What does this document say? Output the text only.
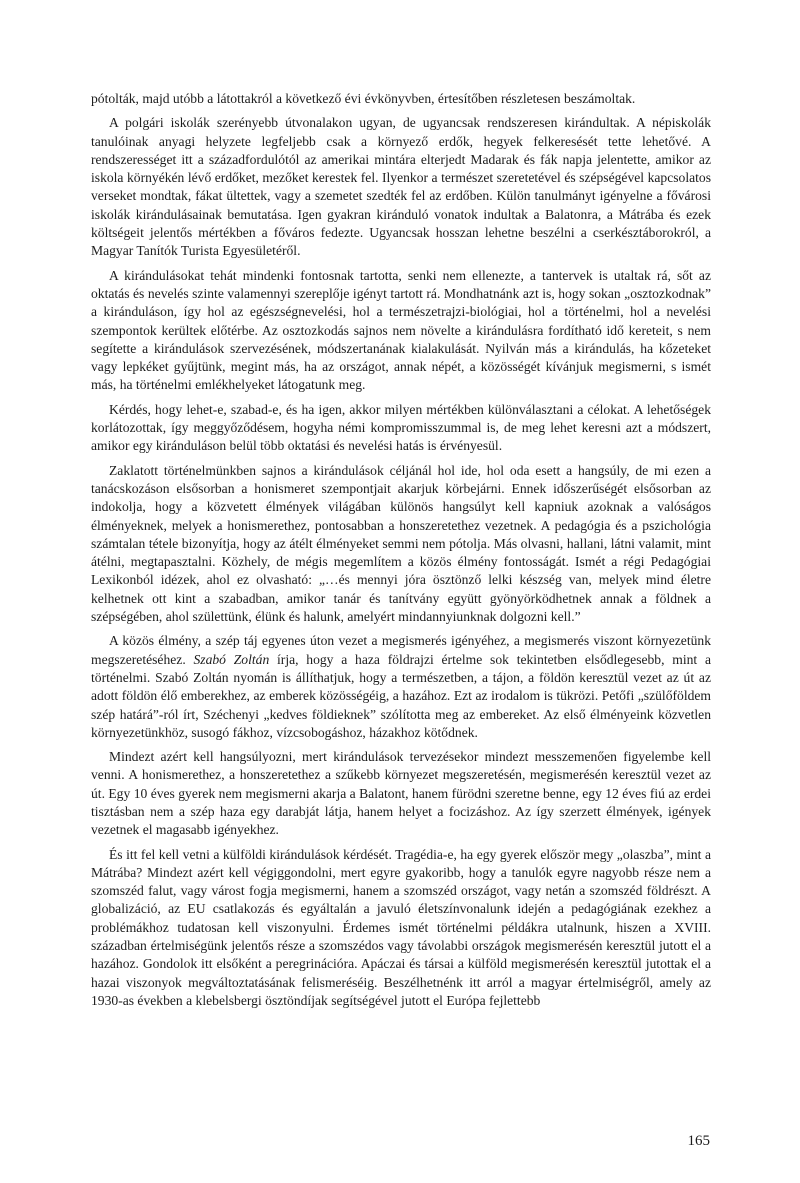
pótolták, majd utóbb a látottakról a következő évi évkönyvben, értesítőben részletesen beszámoltak.

A polgári iskolák szerényebb útvonalakon ugyan, de ugyancsak rendszeresen kirándultak. A népiskolák tanulóinak anyagi helyzete legfeljebb csak a környező erdők, hegyek felkeresését tette lehetővé. A rendszerességet itt a századfordulótól az amerikai mintára elterjedt Madarak és fák napja jelentette, amikor az iskola környékén lévő erdőket, mezőket kerestek fel. Ilyenkor a természet szeretetével és szépségével kapcsolatos verseket mondtak, fákat ültettek, vagy a szemetet szedték fel az erdőben. Külön tanulmányt igényelne a fővárosi iskolák kirándulásainak bemutatása. Igen gyakran kiránduló vonatok indultak a Balatonra, a Mátrába és ezek költségeit jelentős mértékben a főváros fedezte. Ugyancsak hosszan lehetne beszélni a cserkésztáborokról, a Magyar Tanítók Turista Egyesületéről.

A kirándulásokat tehát mindenki fontosnak tartotta, senki nem ellenezte, a tantervek is utaltak rá, sőt az oktatás és nevelés szinte valamennyi szereplője igényt tartott rá. Mondhatnánk azt is, hogy sokan „osztozkodnak” a kiránduláson, így hol az egészségnevelési, hol a természetrajzi-biológiai, hol a történelmi, hol a nevelési szempontok kerültek előtérbe. Az osztozkodás sajnos nem növelte a kirándulásra fordítható idő kereteit, s nem segítette a kirándulások szervezésének, módszertanának kialakulását. Nyilván más a kirándulás, ha kőzeteket vagy lepkéket gyűjtünk, megint más, ha az országot, annak népét, a közösségét kívánjuk megismerni, s ismét más, ha történelmi emlékhelyeket látogatunk meg.

Kérdés, hogy lehet-e, szabad-e, és ha igen, akkor milyen mértékben különválasztani a célokat. A lehetőségek korlátozottak, így meggyőződésem, hogyha némi kompromisszummal is, de meg lehet keresni azt a módszert, amikor egy kiránduláson belül több oktatási és nevelési hatás is érvényesül.

Zaklatott történelmünkben sajnos a kirándulások céljánál hol ide, hol oda esett a hangsúly, de mi ezen a tanácskozáson elsősorban a honismeret szempontjait akarjuk körbejárni. Ennek időszerűségét elsősorban az indokolja, hogy a közvetett élmények világában különös hangsúlyt kell kapniuk azoknak a valóságos élményeknek, melyek a honismerethez, pontosabban a honszeretethez vezetnek. A pedagógia és a pszichológia számtalan tétele bizonyítja, hogy az átélt élményeket semmi nem pótolja. Más olvasni, hallani, látni valamit, mint átélni, megtapasztalni. Közhely, de mégis megemlítem a közös élmény fontosságát. Ismét a régi Pedagógiai Lexikonból idézek, ahol ez olvasható: „…és mennyi jóra ösztönző lelki készség van, melyek mind életre kelhetnek ott kint a szabadban, amikor tanár és tanítvány együtt gyönyörködhetnek annak a földnek a szépségében, ahol születtünk, élünk és halunk, amelyért mindannyiunknak dolgozni kell.”

A közös élmény, a szép táj egyenes úton vezet a megismerés igényéhez, a megismerés viszont környezetünk megszeretéséhez. Szabó Zoltán írja, hogy a haza földrajzi értelme sok tekintetben elsődlegesebb, mint a történelmi. Szabó Zoltán nyomán is állíthatjuk, hogy a természetben, a tájon, a földön keresztül vezet az út az adott földön élő emberekhez, az emberek közösségéig, a hazához. Ezt az irodalom is tükrözi. Petőfi „szülőföldem szép határá”-ról írt, Széchenyi „kedves földieknek” szólította meg az embereket. Az első élményeink közvetlen környezetünkhöz, susogó fákhoz, vízcsobogáshoz, házakhoz kötődnek.

Mindezt azért kell hangsúlyozni, mert kirándulások tervezésekor mindezt messzemenően figyelembe kell venni. A honismerethez, a honszeretethez a szűkebb környezet megszeretésén, megismerésén keresztül vezet az út. Egy 10 éves gyerek nem megismerni akarja a Balatont, hanem fürödni szeretne benne, egy 12 éves fiú az erdei tisztásban nem a szép haza egy darabját látja, hanem helyet a focizáshoz. Az így szerzett élmények, igények vezetnek el magasabb igényekhez.

És itt fel kell vetni a külföldi kirándulások kérdését. Tragédia-e, ha egy gyerek először megy „olaszba”, mint a Mátrába? Mindezt azért kell végiggondolni, mert egyre gyakoribb, hogy a tanulók egyre nagyobb része nem a szomszéd falut, vagy várost fogja megismerni, hanem a szomszéd országot, vagy netán a szomszéd földrészt. A globalizáció, az EU csatlakozás és egyáltalán a javuló életszínvonalunk idején a pedagógiának ezekhez a problémákhoz tudatosan kell viszonyulni. Érdemes ismét történelmi példákra utalnunk, hiszen a XVIII. században értelmiségünk jelentős része a szomszédos vagy távolabbi országok megismerésén keresztül jutott el a hazához. Gondolok itt elsőként a peregrinációra. Apáczai és társai a külföld megismerésén keresztül jutottak el a hazai viszonyok megváltoztatásának felismeréséig. Beszélhetnénk itt arról a magyar értelmiségről, amely az 1930-as években a klebelsbergi ösztöndíjak segítségével jutott el Európa fejlettebb

165
